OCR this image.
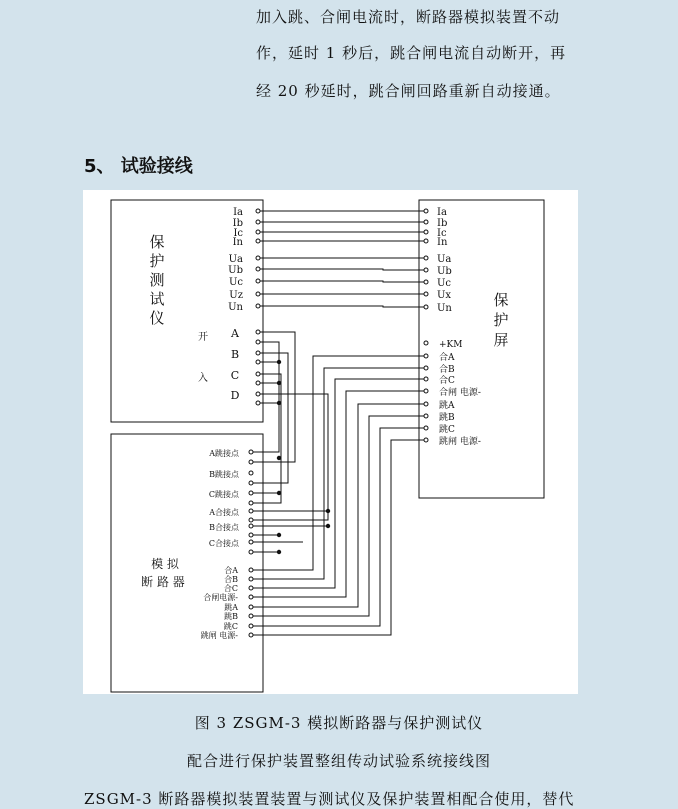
加入跳、合闸电流时，断路器模拟装置不动
作，延时 1 秒后，跳合闸电流自动断开，再
经 20 秒延时，跳合闸回路重新自动接通。
5、 试验接线
保
护
测
试
仪
模 拟
断 路 器
保
护
屏
Ia	Ia
Ib	Ib
Ic	Ic
In	In
Ua	Ua
Ub	Ub
Uc	Uc
Uz	Ux
Un	Un
开
入
A
B
C
D
A跳接点
B跳接点
C跳接点
A合接点
B合接点
C合接点
+KM
合A
合B
合C
合闸 电源-
跳A
跳B
跳C
跳闸 电源-
合A
合B
合C
合闸电源-
跳A
跳B
跳C
跳闸 电源-
图 3 ZSGM-3 模拟断路器与保护测试仪
配合进行保护装置整组传动试验系统接线图
ZSGM-3 断路器模拟装置装置与测试仪及保护装置相配合使用，替代
